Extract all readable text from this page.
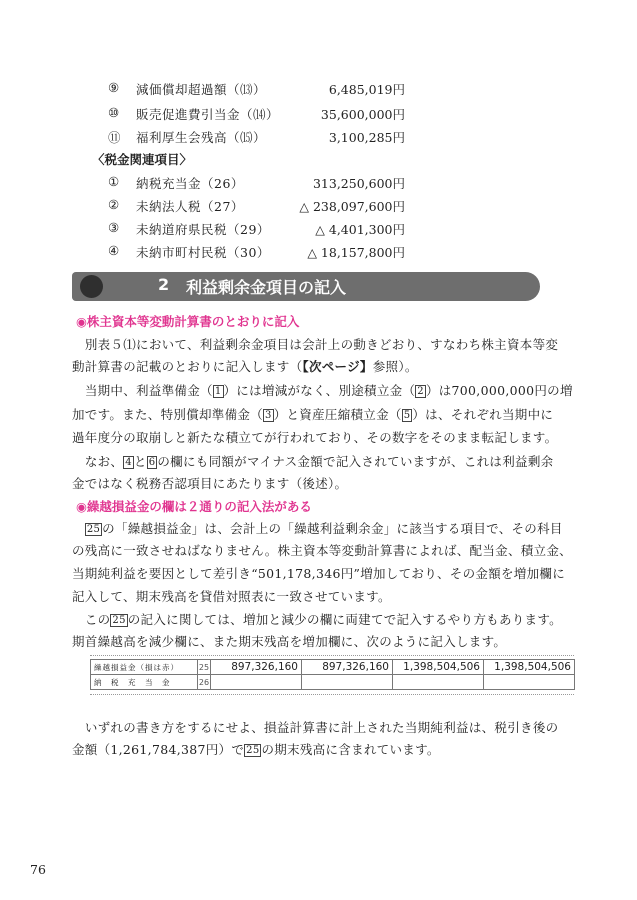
⑨ 減価償却超過額（⒀）	6,485,019円
⑩ 販売促進費引当金（⒁）	35,600,000円
⑪ 福利厚生会残高（⒂）	3,100,285円
〈税金関連項目〉
① 納税充当金（26）	313,250,600円
② 未納法人税（27）	△ 238,097,600円
③ 未納道府県民税（29）	△ 4,401,300円
④ 未納市町村民税（30）	△ 18,157,800円
2 利益剰余金項目の記入
◉株主資本等変動計算書のとおりに記入
　別表５⑴において、利益剰余金項目は会計上の動きどおり、すなわち株主資本等変
動計算書の記載のとおりに記入します（【次ページ】参照）。
　当期中、利益準備金（ 1 ）には増減がなく、別途積立金（ 2 ）は700,000,000円の増
加です。また、特別償却準備金（ 3 ）と資産圧縮積立金（ 5 ）は、それぞれ当期中に
過年度分の取崩しと新たな積立てが行われており、その数字をそのまま転記します。
　なお、 4 と 6 の欄にも同額がマイナス金額で記入されていますが、これは利益剰余
金ではなく税務否認項目にあたります（後述）。
◉繰越損益金の欄は２通りの記入法がある
　25 の「繰越損益金」は、会計上の「繰越利益剰余金」に該当する項目で、その科目
の残高に一致させねばなりません。株主資本等変動計算書によれば、配当金、積立金、
当期純利益を要因として差引き“501,178,346円”増加しており、その金額を増加欄に
記入して、期末残高を貸借対照表に一致させています。
　この 25 の記入に関しては、増加と減少の欄に両建てで記入するやり方もあります。
期首繰越高を減少欄に、また期末残高を増加欄に、次のように記入します。
繰越損益金（損は赤）	25	897,326,160	897,326,160	1,398,504,506	1,398,504,506
納　税　充　当　金	26				
　いずれの書き方をするにせよ、損益計算書に計上された当期純利益は、税引き後の
金額（1,261,784,387円）で 25 の期末残高に含まれています。
76
